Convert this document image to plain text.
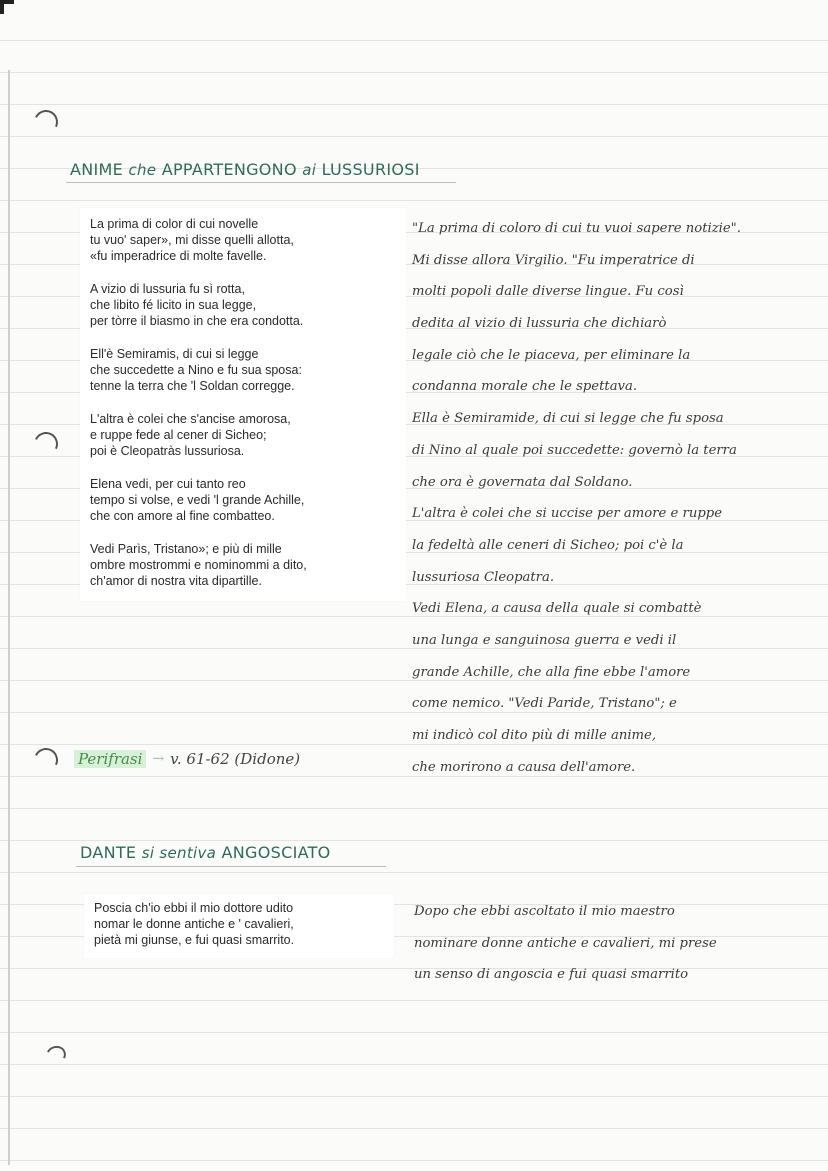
ANIME che APPARTENGONO ai LUSSURIOSI
La prima di color di cui novelle
tu vuo' saper», mi disse quelli allotta,
«fu imperadrice di molte favelle.
A vizio di lussuria fu sì rotta,
che libito fé licito in sua legge,
per tòrre il biasmo in che era condotta.
Ell'è Semiramis, di cui si legge
che succedette a Nino e fu sua sposa:
tenne la terra che 'l Soldan corregge.
L'altra è colei che s'ancise amorosa,
e ruppe fede al cener di Sicheo;
poi è Cleopatràs lussuriosa.
Elena vedi, per cui tanto reo
tempo si volse, e vedi 'l grande Achille,
che con amore al fine combatteo.
Vedi Parìs, Tristano»; e più di mille
ombre mostrommi e nominommi a dito,
ch'amor di nostra vita dipartille.
"La prima di coloro di cui tu vuoi sapere notizie".
Mi disse allora Virgilio. "Fu imperatrice di
molti popoli dalle diverse lingue. Fu così
dedita al vizio di lussuria che dichiarò
legale ciò che le piaceva, per eliminare la
condanna morale che le spettava.
Ella è Semiramide, di cui si legge che fu sposa
di Nino al quale poi succedette: governò la terra
che ora è governata dal Soldano.
L'altra è colei che si uccise per amore e ruppe
la fedeltà alle ceneri di Sicheo; poi c'è la
lussuriosa Cleopatra.
Vedi Elena, a causa della quale si combattè
una lunga e sanguinosa guerra e vedi il
grande Achille, che alla fine ebbe l'amore
come nemico. "Vedi Paride, Tristano"; e
mi indicò col dito più di mille anime,
che morirono a causa dell'amore.
Perifrasi → v. 61-62 (Didone)
DANTE si sentiva ANGOSCIATO
Poscia ch'io ebbi il mio dottore udito
nomar le donne antiche e ' cavalieri,
pietà mi giunse, e fui quasi smarrito.
Dopo che ebbi ascoltato il mio maestro
nominare donne antiche e cavalieri, mi prese
un senso di angoscia e fui quasi smarrito
